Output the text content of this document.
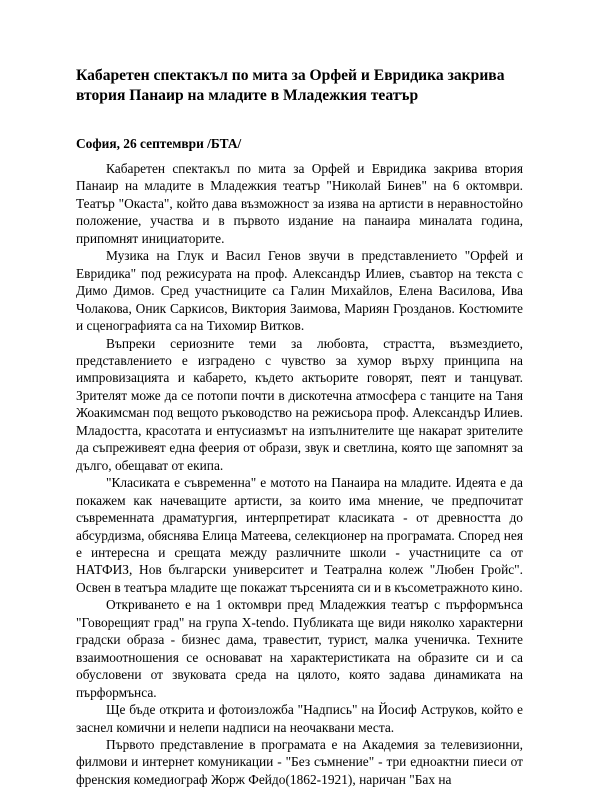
Кабаретен спектакъл по мита за Орфей и Евридика закрива втория Панаир на младите в Младежкия театър

София, 26 септември /БТА/

Кабаретен спектакъл по мита за Орфей и Евридика закрива втория Панаир на младите в Младежкия театър "Николай Бинев" на 6 октомври. Театър "Окаста", който дава възможност за изява на артисти в неравностойно положение, участва и в първото издание на панаира миналата година, припомнят инициаторите.

Музика на Глук и Васил Генов звучи в представлението "Орфей и Евридика" под режисурата на проф. Александър Илиев, съавтор на текста с Димо Димов. Сред участниците са Галин Михайлов, Елена Василова, Ива Чолакова, Оник Саркисов, Виктория Заимова, Мариян Грозданов. Костюмите и сценографията са на Тихомир Витков.

Въпреки сериозните теми за любовта, страстта, възмездието, представлението е изградено с чувство за хумор върху принципа на импровизацията и кабарето, където актьорите говорят, пеят и танцуват. Зрителят може да се потопи почти в дискотечна атмосфера с танците на Таня Жоакимсман под вещото ръководство на режисьора проф. Александър Илиев. Младостта, красотата и ентусиазмът на изпълнителите ще накарат зрителите да съпреживеят една феерия от образи, звук и светлина, която ще запомнят за дълго, обещават от екипа.

"Класиката е съвременна" е мотото на Панаира на младите. Идеята е да покажем как начеващите артисти, за които има мнение, че предпочитат съвременната драматургия, интерпретират класиката - от древността до абсурдизма, обяснява Елица Матеева, селекционер на програмата. Според нея е интересна и срещата между различните школи - участниците са от НАТФИЗ, Нов български университет и Театрална колеж "Любен Гройс". Освен в театъра младите ще покажат търсенията си и в късометражното кино.

Откриването е на 1 октомври пред Младежкия театър с пърформънса "Говорещият град" на група X-tendo. Публиката ще види няколко характерни градски образа - бизнес дама, травестит, турист, малка ученичка. Техните взаимоотношения се основават на характеристиката на образите си и са обусловени от звуковата среда на цялото, която задава динамиката на пърформънса.

Ще бъде открита и фотоизложба "Надпись" на Йосиф Аструков, който е заснел комични и нелепи надписи на неочаквани места.

Първото представление в програмата е на Академия за телевизионни, филмови и интернет комуникации - "Без съмнение" - три едноактни пиеси от френския комедиограф Жорж Фейдо(1862-1921), наричан "Бах на
